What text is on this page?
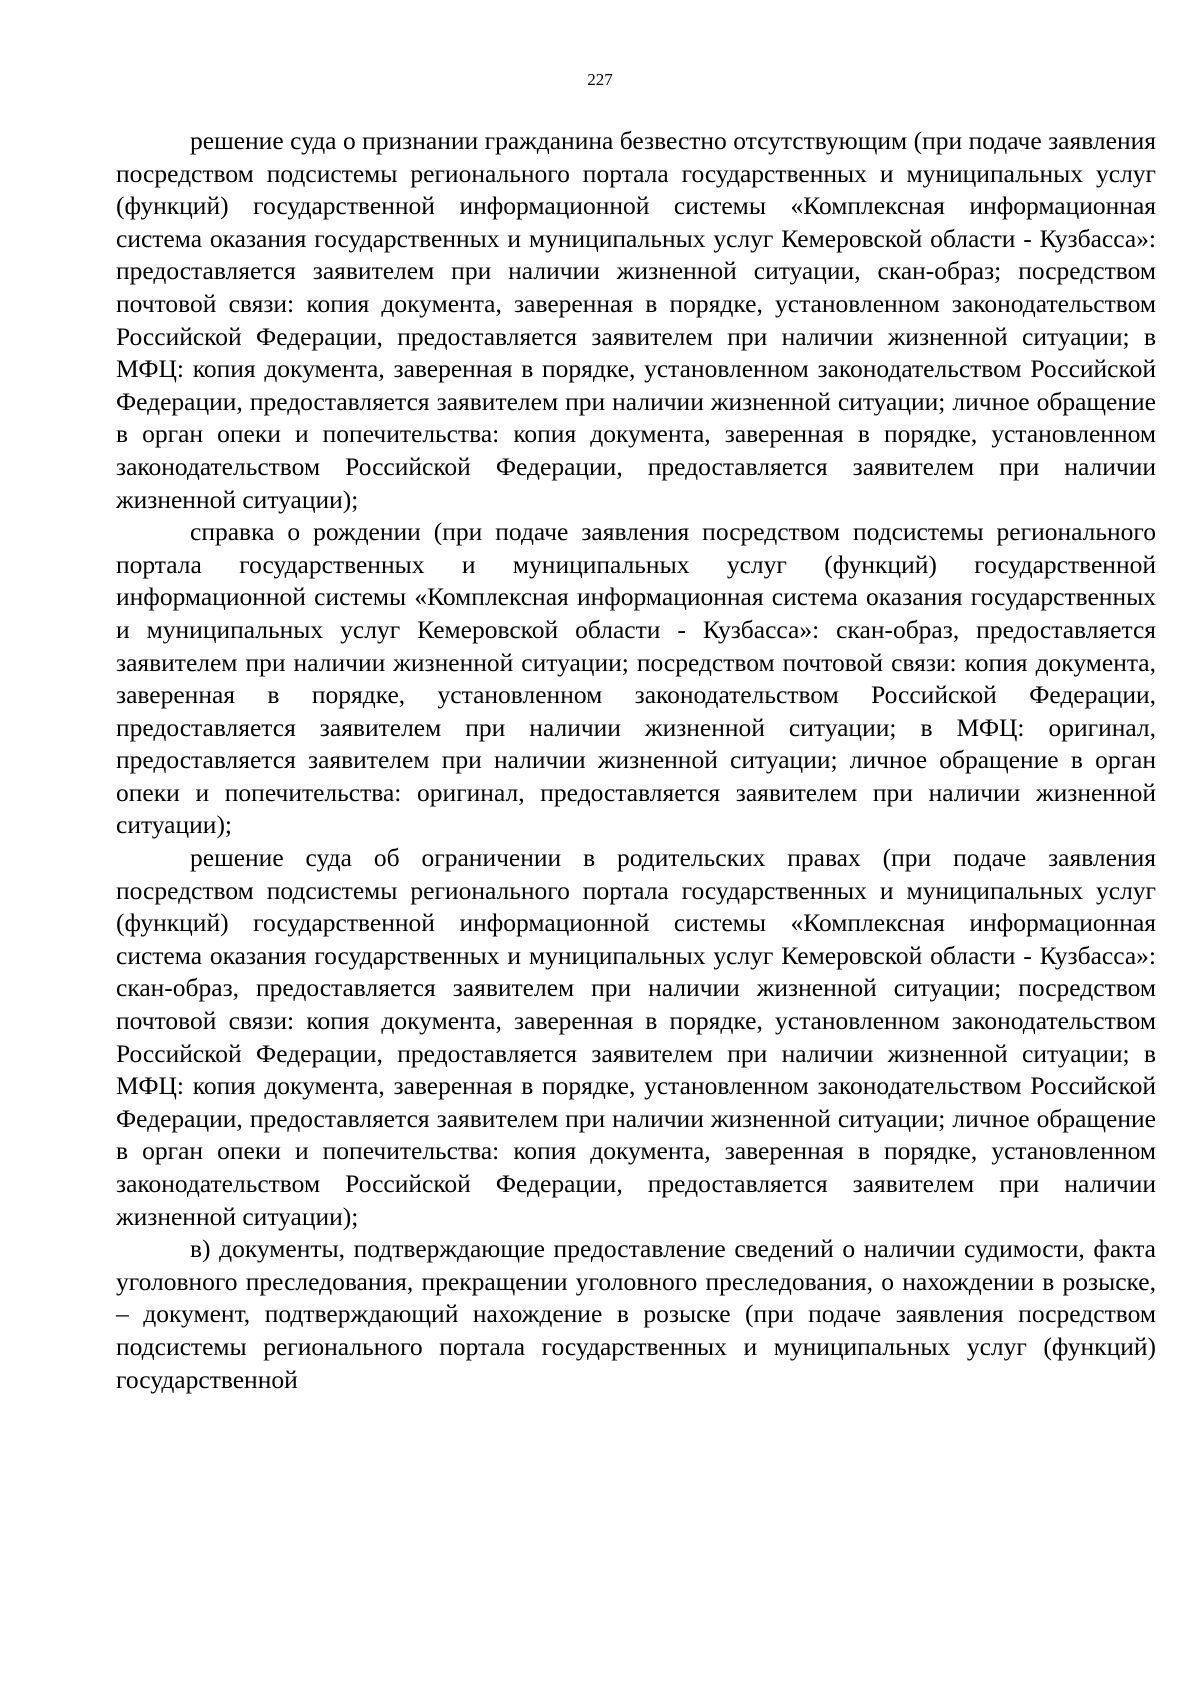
227

решение суда о признании гражданина безвестно отсутствующим (при подаче заявления посредством подсистемы регионального портала государственных и муниципальных услуг (функций) государственной информационной системы «Комплексная информационная система оказания государственных и муниципальных услуг Кемеровской области - Кузбасса»: предоставляется заявителем при наличии жизненной ситуации, скан-образ; посредством почтовой связи: копия документа, заверенная в порядке, установленном законодательством Российской Федерации, предоставляется заявителем при наличии жизненной ситуации; в МФЦ: копия документа, заверенная в порядке, установленном законодательством Российской Федерации, предоставляется заявителем при наличии жизненной ситуации; личное обращение в орган опеки и попечительства: копия документа, заверенная в порядке, установленном законодательством Российской Федерации, предоставляется заявителем при наличии жизненной ситуации);

справка о рождении (при подаче заявления посредством подсистемы регионального портала государственных и муниципальных услуг (функций) государственной информационной системы «Комплексная информационная система оказания государственных и муниципальных услуг Кемеровской области - Кузбасса»: скан-образ, предоставляется заявителем при наличии жизненной ситуации; посредством почтовой связи: копия документа, заверенная в порядке, установленном законодательством Российской Федерации, предоставляется заявителем при наличии жизненной ситуации; в МФЦ: оригинал, предоставляется заявителем при наличии жизненной ситуации; личное обращение в орган опеки и попечительства: оригинал, предоставляется заявителем при наличии жизненной ситуации);

решение суда об ограничении в родительских правах (при подаче заявления посредством подсистемы регионального портала государственных и муниципальных услуг (функций) государственной информационной системы «Комплексная информационная система оказания государственных и муниципальных услуг Кемеровской области - Кузбасса»: скан-образ, предоставляется заявителем при наличии жизненной ситуации; посредством почтовой связи: копия документа, заверенная в порядке, установленном законодательством Российской Федерации, предоставляется заявителем при наличии жизненной ситуации; в МФЦ: копия документа, заверенная в порядке, установленном законодательством Российской Федерации, предоставляется заявителем при наличии жизненной ситуации; личное обращение в орган опеки и попечительства: копия документа, заверенная в порядке, установленном законодательством Российской Федерации, предоставляется заявителем при наличии жизненной ситуации);

в) документы, подтверждающие предоставление сведений о наличии судимости, факта уголовного преследования, прекращении уголовного преследования, о нахождении в розыске, – документ, подтверждающий нахождение в розыске (при подаче заявления посредством подсистемы регионального портала государственных и муниципальных услуг (функций) государственной
